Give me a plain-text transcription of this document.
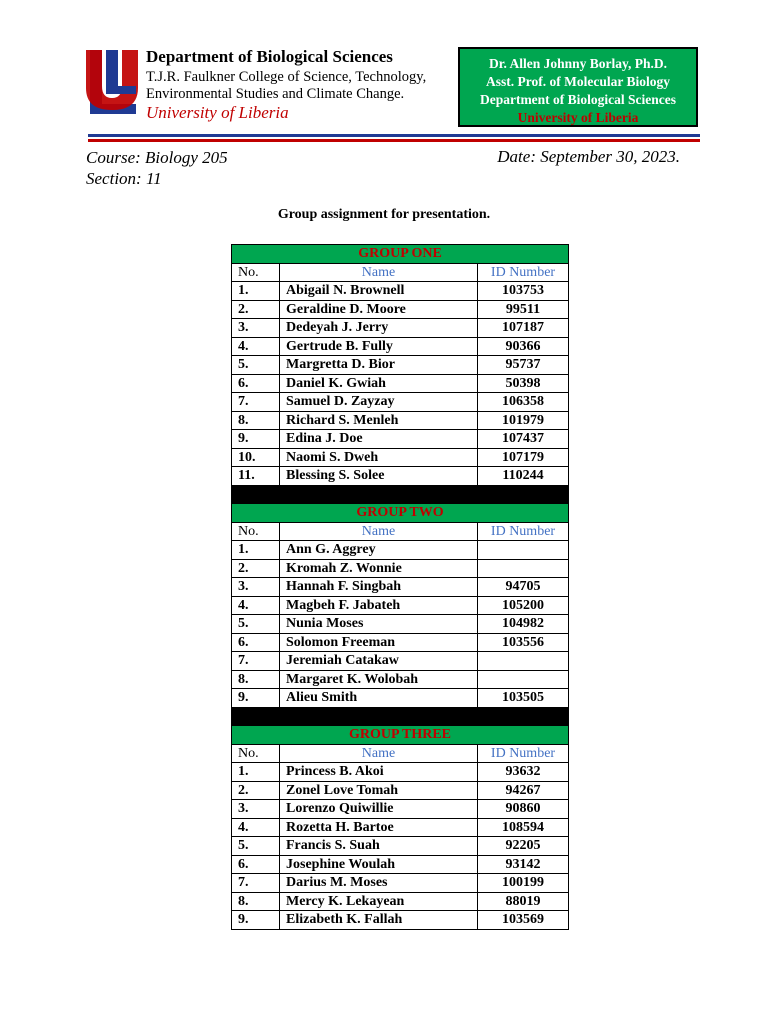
Department of Biological Sciences
T.J.R. Faulkner College of Science, Technology,
Environmental Studies and Climate Change.
University of Liberia
Dr. Allen Johnny Borlay, Ph.D.
Asst. Prof. of Molecular Biology
Department of Biological Sciences
University of Liberia
Course: Biology 205
Section: 11
Date: September 30, 2023.
Group assignment for presentation.
GROUP ONE		
No.	Name	ID Number
1.	Abigail N. Brownell	103753
2.	Geraldine D. Moore	99511
3.	Dedeyah J. Jerry	107187
4.	Gertrude B. Fully	90366
5.	Margretta D. Bior	95737
6.	Daniel K. Gwiah	50398
7.	Samuel D. Zayzay	106358
8.	Richard S. Menleh	101979
9.	Edina J. Doe	107437
10.	Naomi S. Dweh	107179
11.	Blessing S. Solee	110244

GROUP TWO		
No.	Name	ID Number
1.	Ann G. Aggrey	
2.	Kromah Z. Wonnie	
3.	Hannah F. Singbah	94705
4.	Magbeh F. Jabateh	105200
5.	Nunia Moses	104982
6.	Solomon Freeman	103556
7.	Jeremiah Catakaw	
8.	Margaret K. Wolobah	
9.	Alieu Smith	103505

GROUP THREE		
No.	Name	ID Number
1.	Princess B. Akoi	93632
2.	Zonel Love Tomah	94267
3.	Lorenzo Quiwillie	90860
4.	Rozetta H. Bartoe	108594
5.	Francis S. Suah	92205
6.	Josephine Woulah	93142
7.	Darius M. Moses	100199
8.	Mercy K. Lekayean	88019
9.	Elizabeth K. Fallah	103569
